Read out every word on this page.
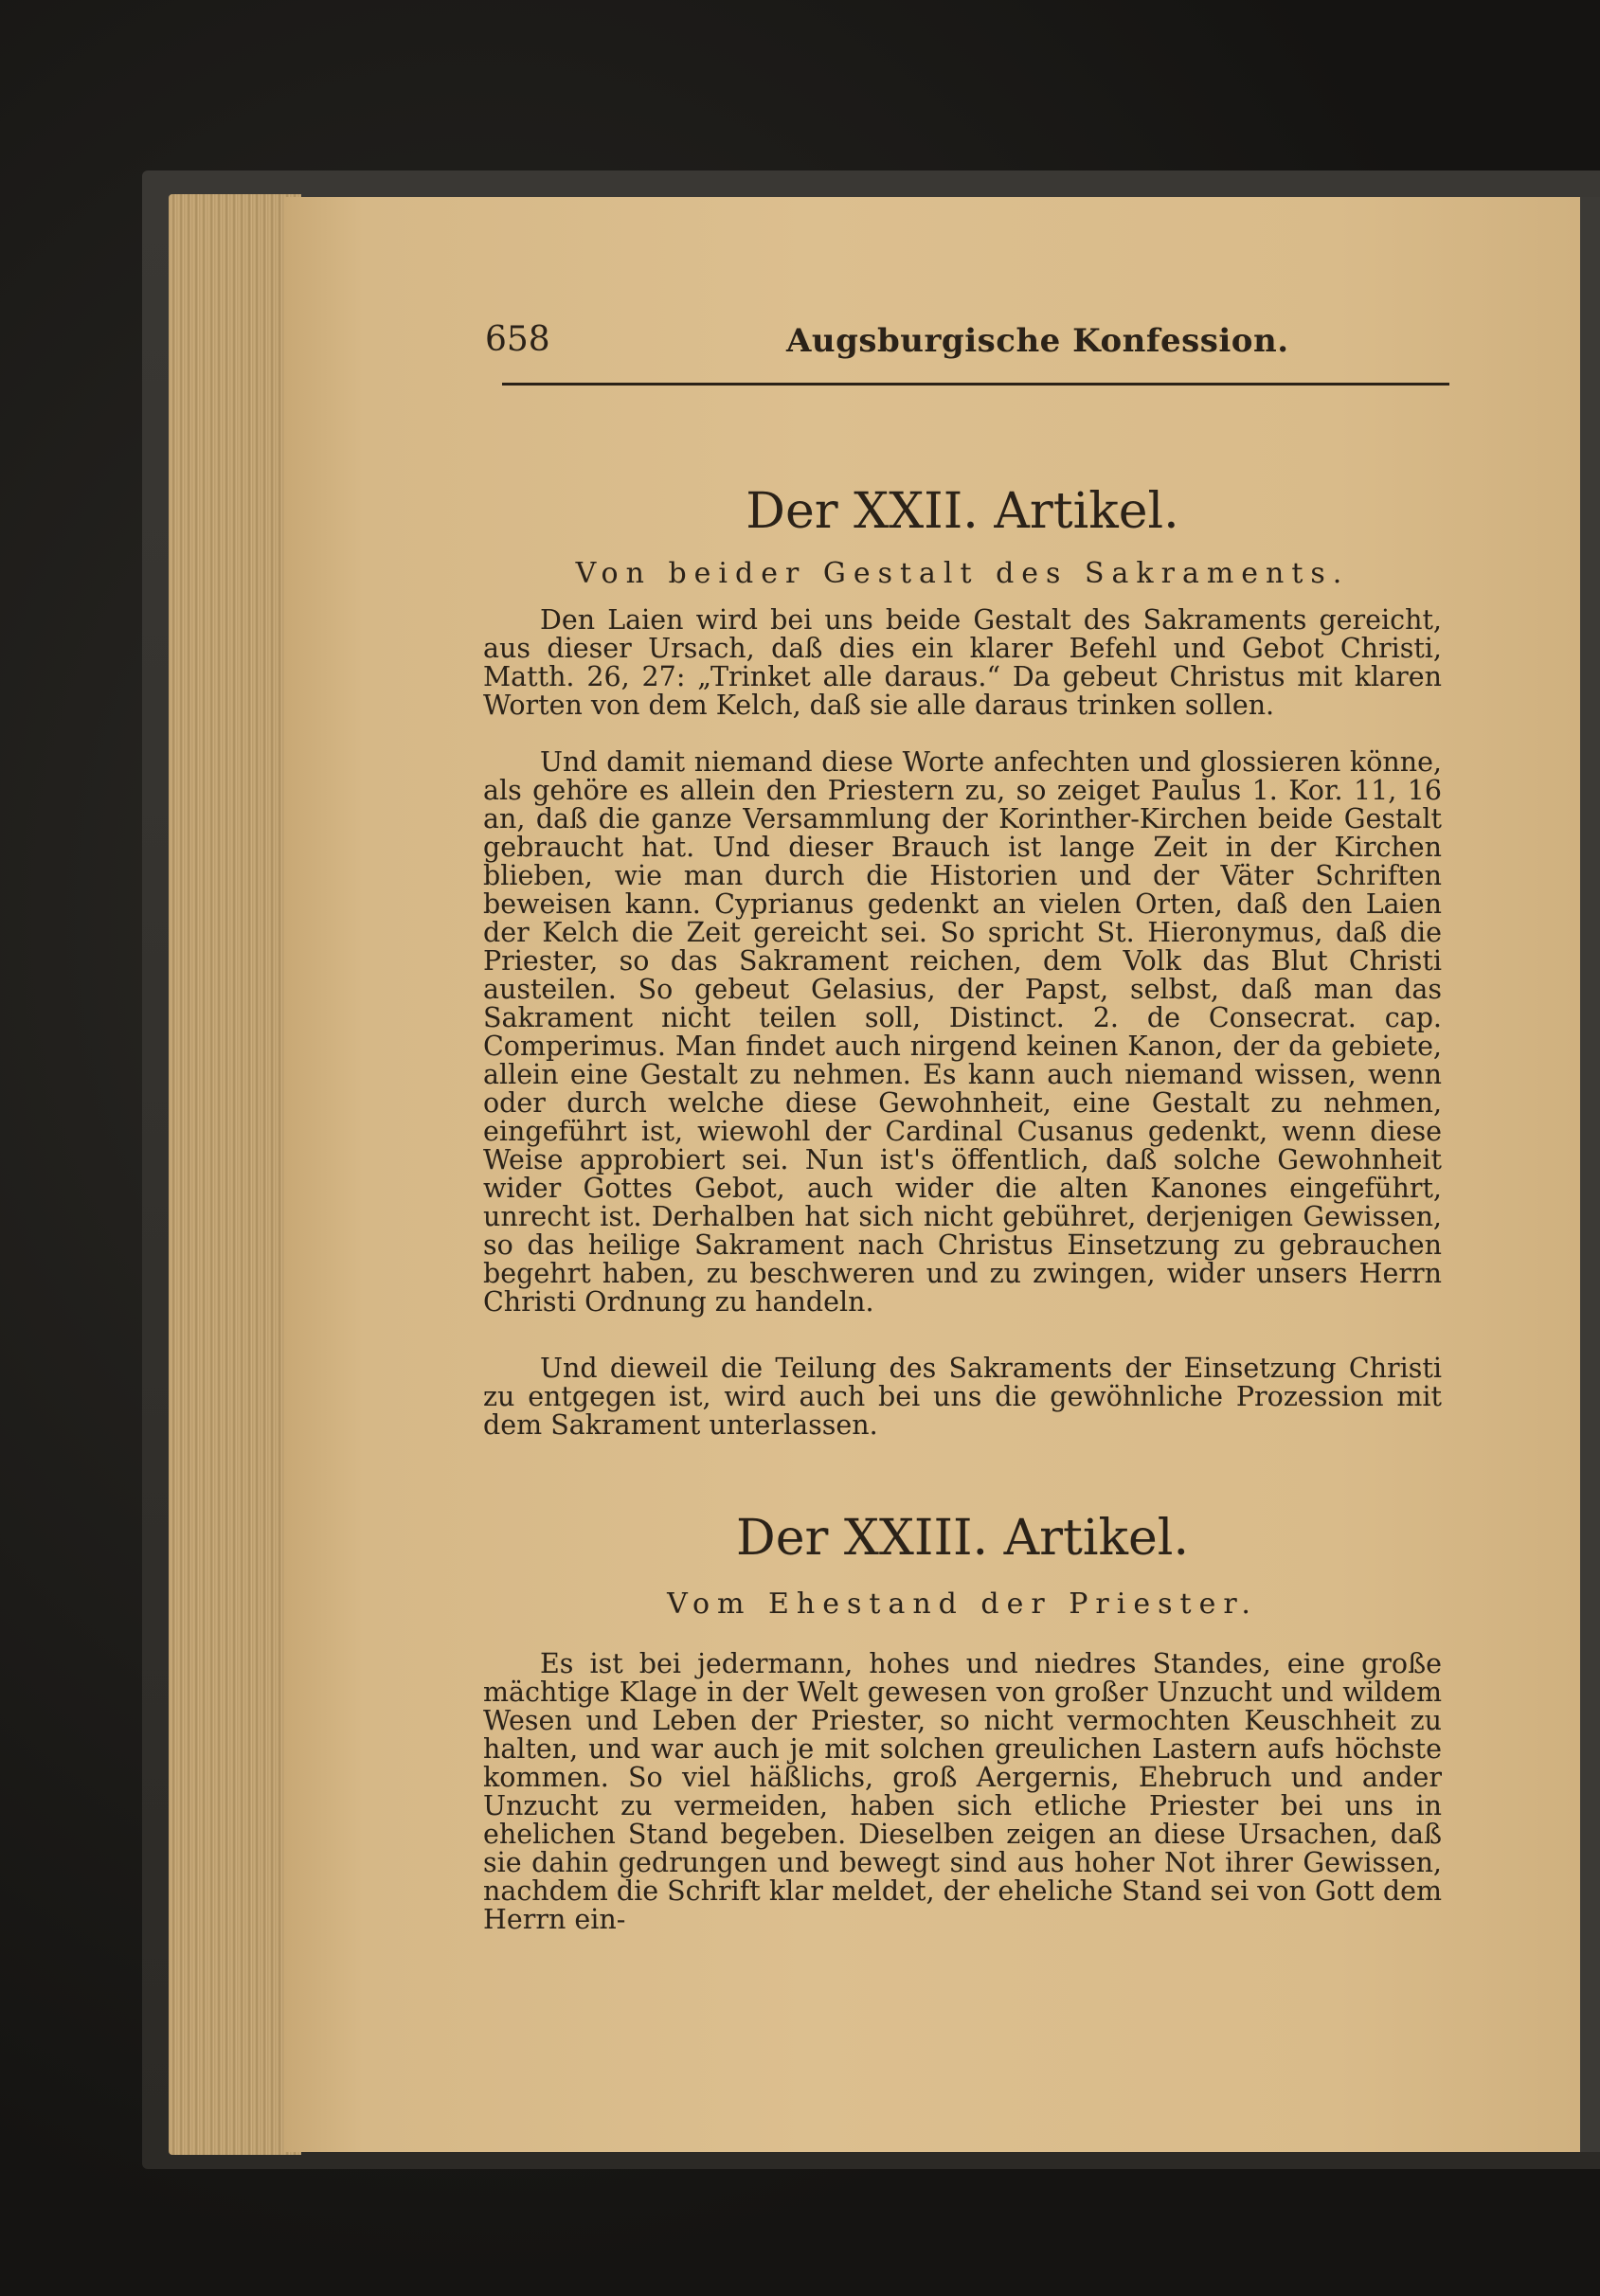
658	Augsburgische Konfession.
Der XXII. Artikel.
Von beider Gestalt des Sakraments.
Den Laien wird bei uns beide Gestalt des Sakraments gereicht, aus dieser Ursach, daß dies ein klarer Befehl und Gebot Christi, Matth. 26, 27: „Trinket alle daraus.“ Da gebeut Christus mit klaren Worten von dem Kelch, daß sie alle daraus trinken sollen.
Und damit niemand diese Worte anfechten und glossieren könne, als gehöre es allein den Priestern zu, so zeiget Paulus 1. Kor. 11, 16 an, daß die ganze Versammlung der Korinther-Kirchen beide Gestalt gebraucht hat. Und dieser Brauch ist lange Zeit in der Kirchen blieben, wie man durch die Historien und der Väter Schriften beweisen kann. Cyprianus gedenkt an vielen Orten, daß den Laien der Kelch die Zeit gereicht sei. So spricht St. Hieronymus, daß die Priester, so das Sakrament reichen, dem Volk das Blut Christi austeilen. So gebeut Gelasius, der Papst, selbst, daß man das Sakrament nicht teilen soll, Distinct. 2. de Consecrat. cap. Comperimus. Man findet auch nirgend keinen Kanon, der da gebiete, allein eine Gestalt zu nehmen. Es kann auch niemand wissen, wenn oder durch welche diese Gewohnheit, eine Gestalt zu nehmen, eingeführt ist, wiewohl der Cardinal Cusanus gedenkt, wenn diese Weise approbiert sei. Nun ist's öffentlich, daß solche Gewohnheit wider Gottes Gebot, auch wider die alten Kanones eingeführt, unrecht ist. Derhalben hat sich nicht gebühret, derjenigen Gewissen, so das heilige Sakrament nach Christus Einsetzung zu gebrauchen begehrt haben, zu beschweren und zu zwingen, wider unsers Herrn Christi Ordnung zu handeln.
Und dieweil die Teilung des Sakraments der Einsetzung Christi zu entgegen ist, wird auch bei uns die gewöhnliche Prozession mit dem Sakrament unterlassen.
Der XXIII. Artikel.
Vom Ehestand der Priester.
Es ist bei jedermann, hohes und niedres Standes, eine große mächtige Klage in der Welt gewesen von großer Unzucht und wildem Wesen und Leben der Priester, so nicht vermochten Keuschheit zu halten, und war auch je mit solchen greulichen Lastern aufs höchste kommen. So viel häßlichs, groß Aergernis, Ehebruch und ander Unzucht zu vermeiden, haben sich etliche Priester bei uns in ehelichen Stand begeben. Dieselben zeigen an diese Ursachen, daß sie dahin gedrungen und bewegt sind aus hoher Not ihrer Gewissen, nachdem die Schrift klar meldet, der eheliche Stand sei von Gott dem Herrn ein-
